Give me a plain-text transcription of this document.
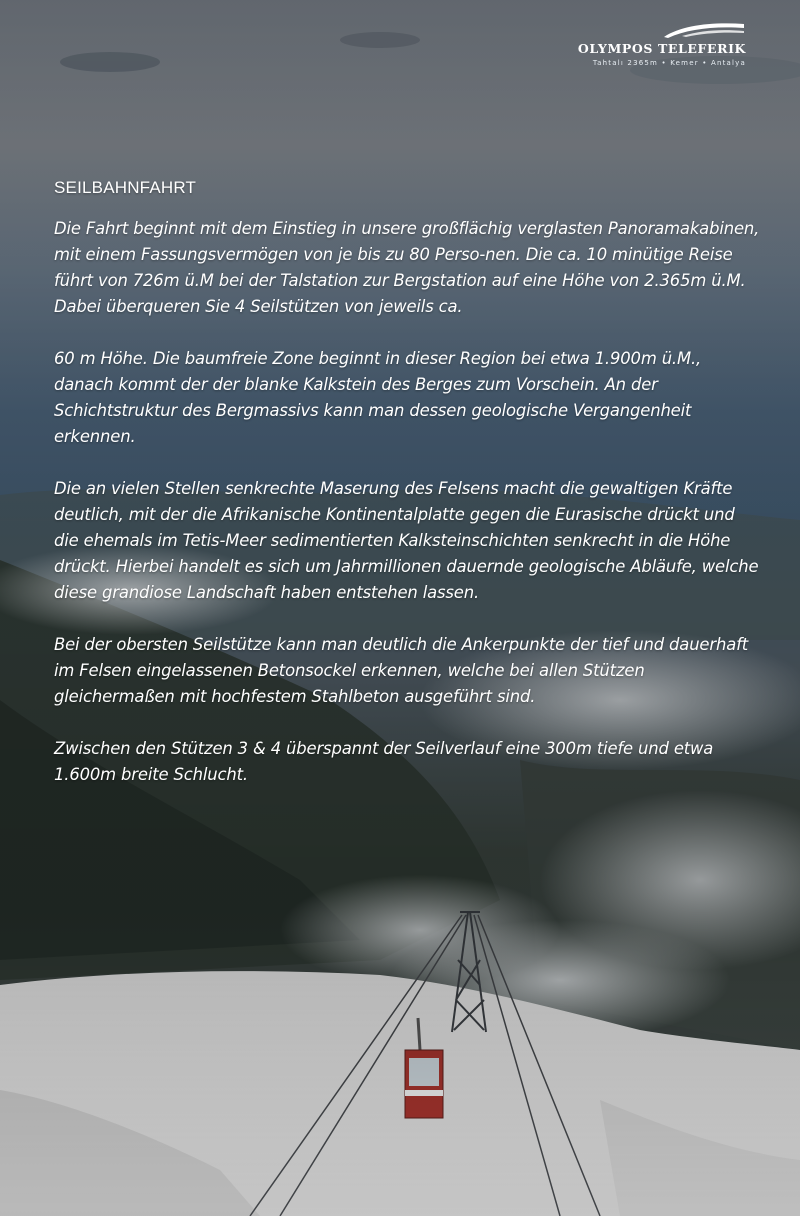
OLYMPOS TELEFERIK
Tahtalı 2365m • Kemer • Antalya
SEILBAHNFAHRT

Die Fahrt beginnt mit dem Einstieg in unsere großflächig verglasten Panoramakabinen, mit einem Fassungsvermögen von je bis zu 80 Perso-nen. Die ca. 10 minütige Reise führt von 726m ü.M bei der Talstation zur Bergstation auf eine Höhe von 2.365m ü.M. Dabei überqueren Sie 4 Seilstützen von jeweils ca.

60 m Höhe. Die baumfreie Zone beginnt in dieser Region bei etwa 1.900m ü.M., danach kommt der der blanke Kalkstein des Berges zum Vorschein. An der Schichtstruktur des Bergmassivs kann man dessen geologische Vergangenheit erkennen.

Die an vielen Stellen senkrechte Maserung des Felsens macht die gewaltigen Kräfte deutlich, mit der die Afrikanische Kontinentalplatte gegen die Eurasische drückt und die ehemals im Tetis-Meer sedimentierten Kalksteinschichten senkrecht in die Höhe drückt. Hierbei handelt es sich um Jahrmillionen dauernde geologische Abläufe, welche diese grandiose Landschaft haben entstehen lassen.

Bei der obersten Seilstütze kann man deutlich die Ankerpunkte der tief und dauerhaft im Felsen eingelassenen Betonsockel erkennen, welche bei allen Stützen gleichermaßen mit hochfestem Stahlbeton ausgeführt sind.

Zwischen den Stützen 3 & 4 überspannt der Seilverlauf eine 300m tiefe und etwa 1.600m breite Schlucht.
